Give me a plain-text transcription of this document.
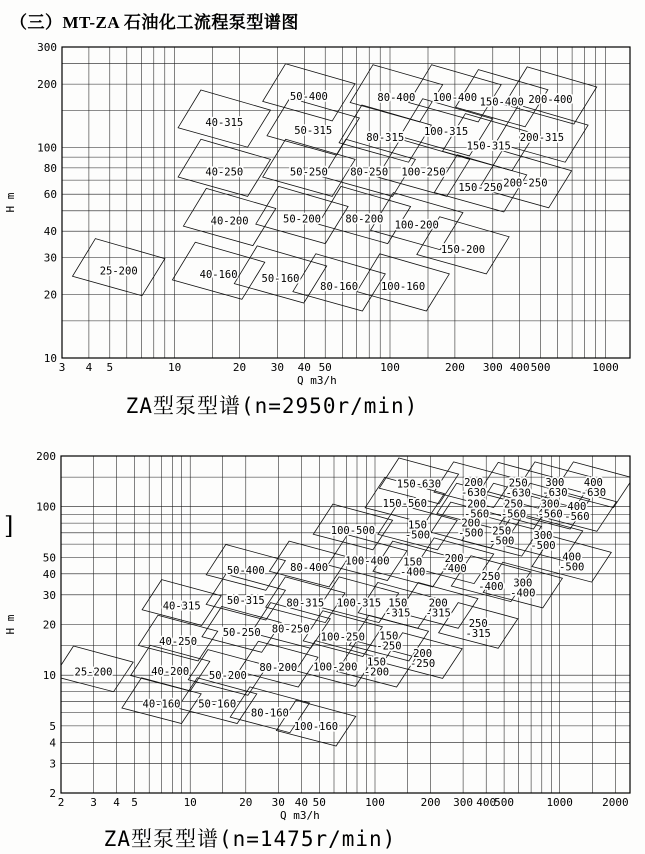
（三）MT-ZA 石油化工流程泵型谱图
]
25-200	40-160 50-160
80-160 100-160
40-200	50-200 80-200
100-200
150-200
40-250	50-250 80-250 100-250
150-250 200-250
40-315
50-315
80-315
100-315
150-315
200-315
50-400	80-400 100-400 150-400 200-400
3 4 5	10	20 30 40 50	100	200 300 400 500	1000
10
20
30
40
60
80
100
200
300
H m
Q m3/h
ZA型泵型谱(n=2950r/min)
25-200
40-160 50-160
80-160
100-160
40-200 50-200
80-200 100-200 150 -200
40-250
50-250 80-250
100-250	150 -250
200 -250
40-315 50-315 80-315 100-315 150 -315
200 -315
250 -315
50-400 80-400
100-400	150 -400
200 -400
250 -400 300 -400
100-500	150 -500
200 -500 250 -500	300 -500
400 -500
150-560	200 -560
250 -560
300 -560
400 -560
150-630	200 -630
250 -630
300 -630
400 -630
2 3 4 5	10	20 30 40 50	100	200 300 400
500	1000	2000
2
3
4
5
10
20
30
40
50
100
200
H m
Q m3/h
ZA型泵型谱(n=1475r/min)
